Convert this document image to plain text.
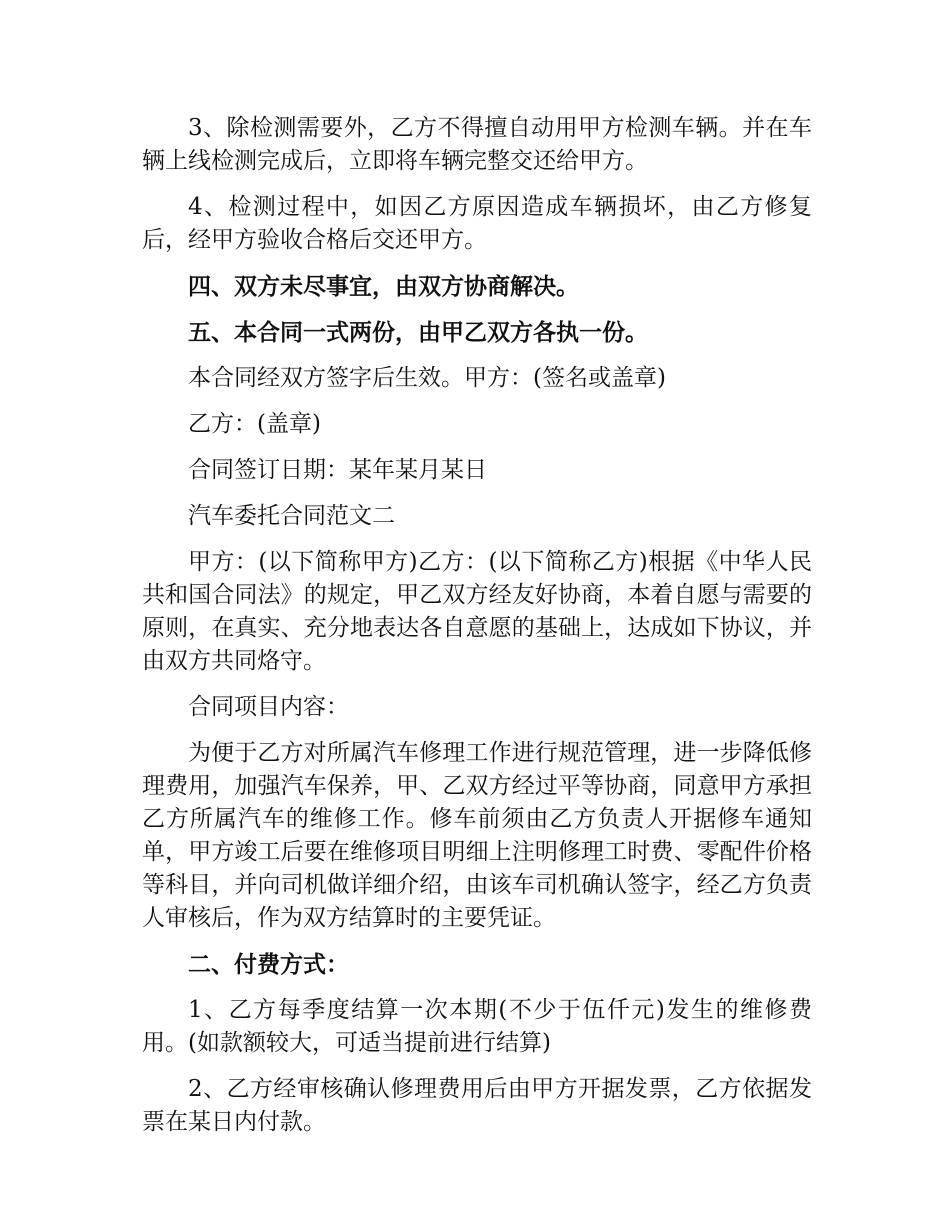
3、除检测需要外，乙方不得擅自动用甲方检测车辆。并在车辆上线检测完成后，立即将车辆完整交还给甲方。

4、检测过程中，如因乙方原因造成车辆损坏，由乙方修复后，经甲方验收合格后交还甲方。

四、双方未尽事宜，由双方协商解决。

五、本合同一式两份，由甲乙双方各执一份。

本合同经双方签字后生效。甲方：(签名或盖章)

乙方：(盖章)

合同签订日期：某年某月某日

汽车委托合同范文二

甲方：(以下简称甲方)乙方：(以下简称乙方)根据《中华人民共和国合同法》的规定，甲乙双方经友好协商，本着自愿与需要的原则，在真实、充分地表达各自意愿的基础上，达成如下协议，并由双方共同烙守。

合同项目内容：

为便于乙方对所属汽车修理工作进行规范管理，进一步降低修理费用，加强汽车保养，甲、乙双方经过平等协商，同意甲方承担乙方所属汽车的维修工作。修车前须由乙方负责人开据修车通知单，甲方竣工后要在维修项目明细上注明修理工时费、零配件价格等科目，并向司机做详细介绍，由该车司机确认签字，经乙方负责人审核后，作为双方结算时的主要凭证。

二、付费方式：

1、乙方每季度结算一次本期(不少于伍仟元)发生的维修费用。(如款额较大，可适当提前进行结算)

2、乙方经审核确认修理费用后由甲方开据发票，乙方依据发票在某日内付款。
